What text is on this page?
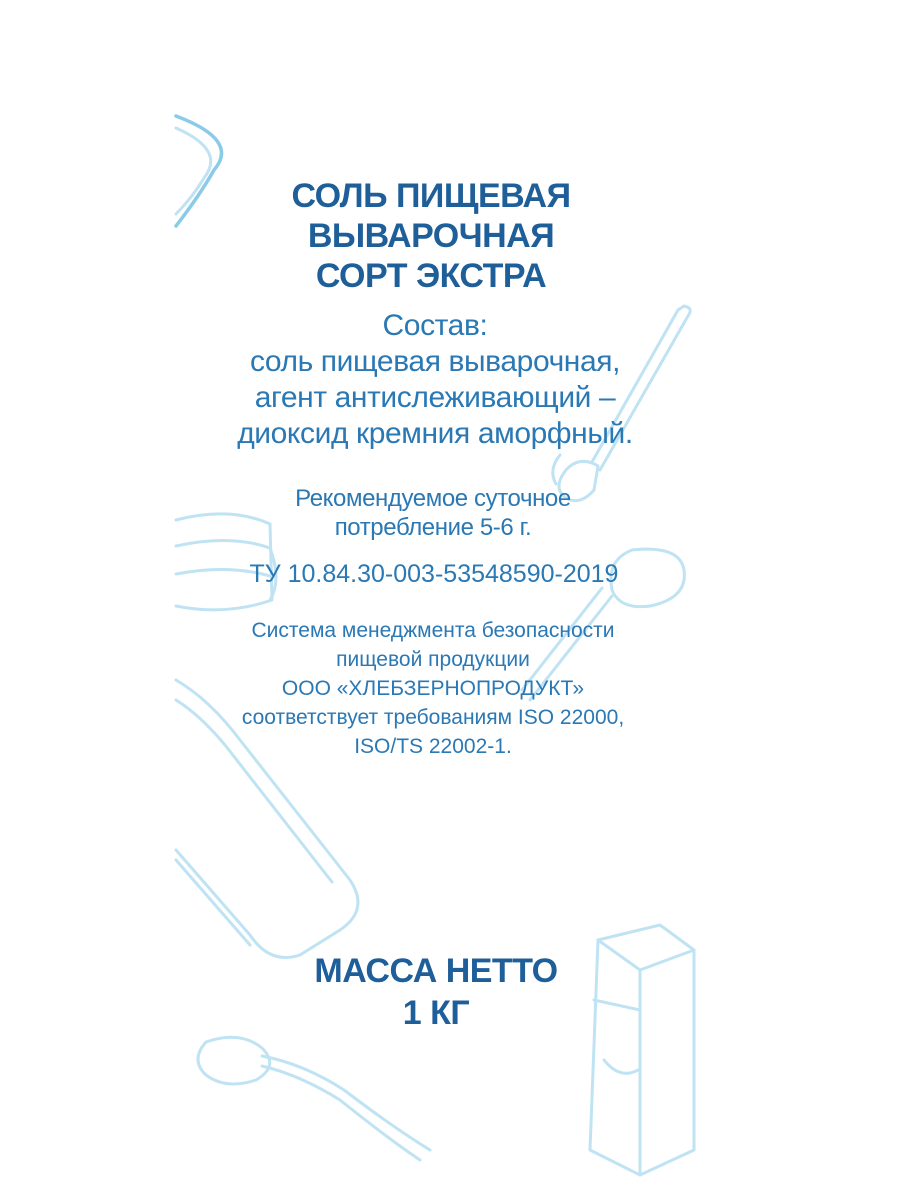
СОЛЬ ПИЩЕВАЯ
ВЫВАРОЧНАЯ
СОРТ ЭКСТРА
Состав:
соль пищевая выварочная,
агент антислеживающий –
диоксид кремния аморфный.
Рекомендуемое суточное
потребление 5-6 г.
ТУ 10.84.30-003-53548590-2019
Система менеджмента безопасности
пищевой продукции
ООО «ХЛЕБЗЕРНОПРОДУКТ»
соответствует требованиям ISO 22000,
ISO/TS 22002-1.
МАССА НЕТТО
1 КГ
